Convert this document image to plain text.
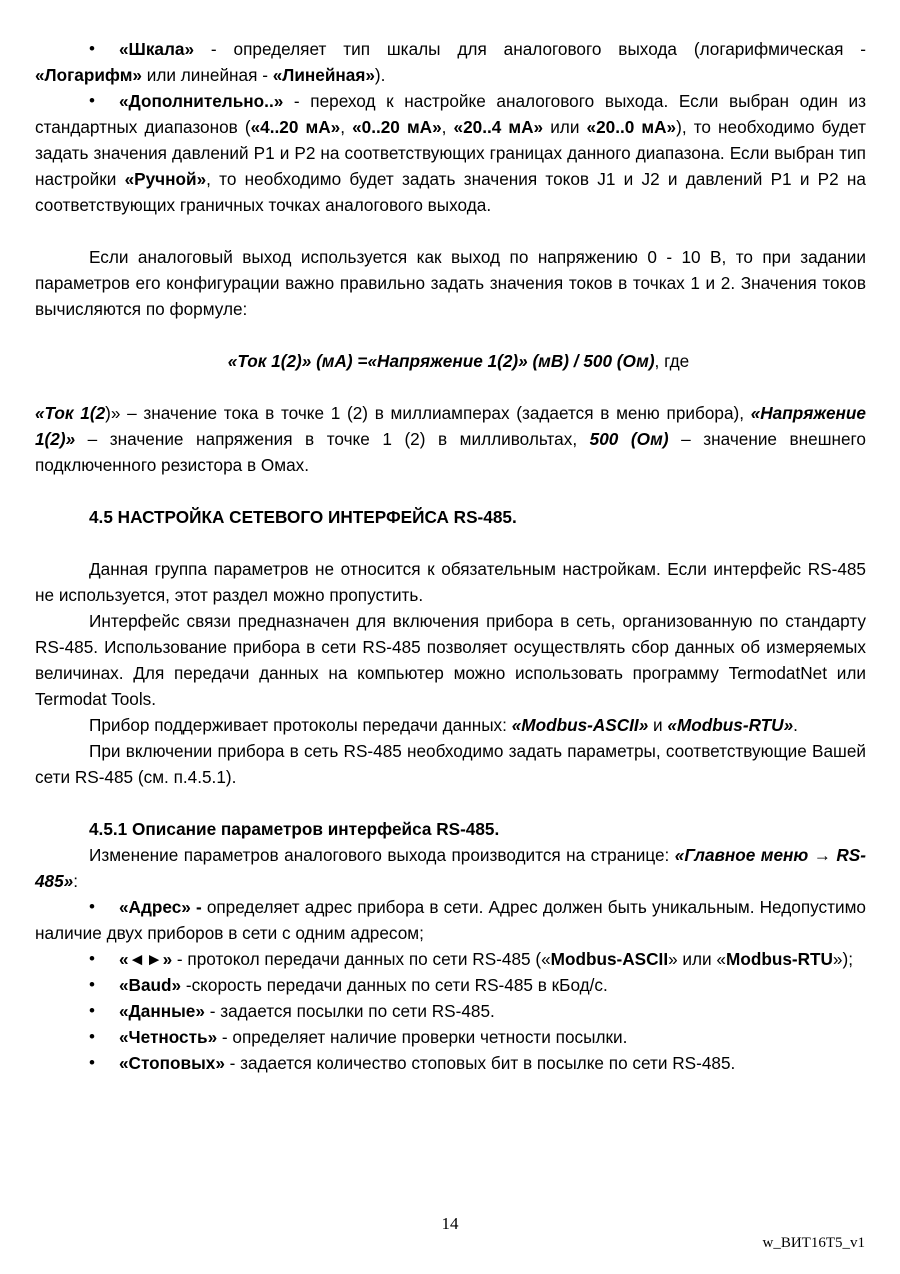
• «Шкала» - определяет тип шкалы для аналогового выхода (логарифмическая - «Логарифм» или линейная - «Линейная»).

• «Дополнительно..» - переход к настройке аналогового выхода. Если выбран один из стандартных диапазонов («4..20 мА», «0..20 мА», «20..4 мА» или «20..0 мА»), то необходимо будет задать значения давлений P1 и P2 на соответствующих границах данного диапазона. Если выбран тип настройки «Ручной», то необходимо будет задать значения токов J1 и J2 и давлений P1 и P2 на соответствующих граничных точках аналогового выхода.

Если аналоговый выход используется как выход по напряжению 0 - 10 В, то при задании параметров его конфигурации важно правильно задать значения токов в точках 1 и 2. Значения токов вычисляются по формуле:

«Ток 1(2)» (мА) =«Напряжение 1(2)» (мВ) / 500 (Ом), где

«Ток 1(2)» – значение тока в точке 1 (2) в миллиамперах (задается в меню прибора), «Напряжение 1(2)» – значение напряжения в точке 1 (2) в милливольтах, 500 (Ом) – значение внешнего подключенного резистора в Омах.

4.5 НАСТРОЙКА СЕТЕВОГО ИНТЕРФЕЙСА RS-485.

Данная группа параметров не относится к обязательным настройкам. Если интерфейс RS-485 не используется, этот раздел можно пропустить.

Интерфейс связи предназначен для включения прибора в сеть, организованную по стандарту RS-485. Использование прибора в сети RS-485 позволяет осуществлять сбор данных об измеряемых величинах. Для передачи данных на компьютер можно использовать программу TermodatNet или Termodat Tools.

Прибор поддерживает протоколы передачи данных: «Modbus-ASCII» и «Modbus-RTU».

При включении прибора в сеть RS-485 необходимо задать параметры, соответствующие Вашей сети RS-485 (см. п.4.5.1).

4.5.1 Описание параметров интерфейса RS-485.

Изменение параметров аналогового выхода производится на странице: «Главное меню → RS-485»:

• «Адрес» - определяет адрес прибора в сети. Адрес должен быть уникальным. Недопустимо наличие двух приборов в сети с одним адресом;

• «◄►» - протокол передачи данных по сети RS-485 («Modbus-ASCII» или «Modbus-RTU»);

• «Baud» -скорость передачи данных по сети RS-485 в кБод/с.

• «Данные» - задается посылки по сети RS-485.

• «Четность» - определяет наличие проверки четности посылки.

• «Стоповых» - задается количество стоповых бит в посылке по сети RS-485.

14
w_ВИТ16Т5_v1
